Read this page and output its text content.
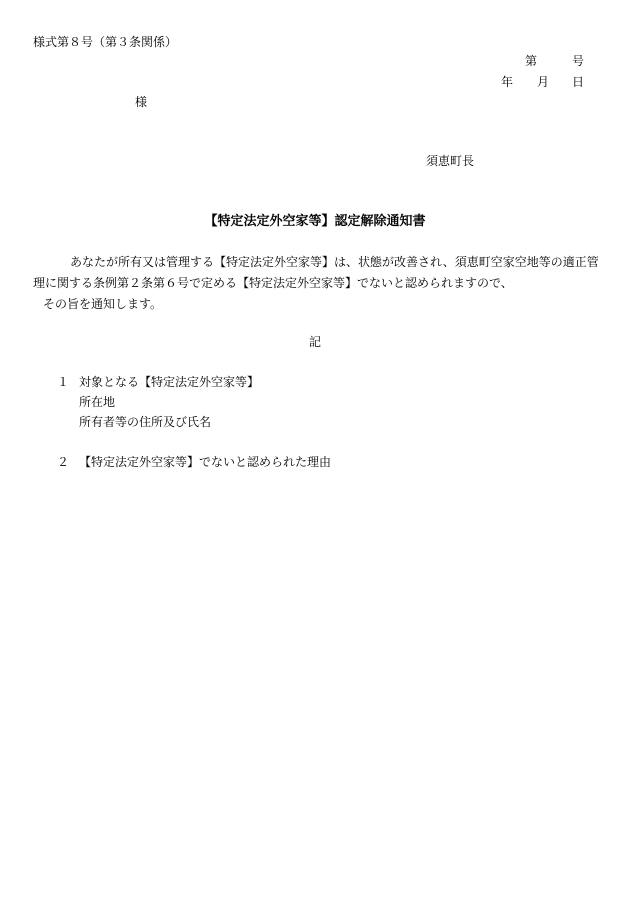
様式第８号（第３条関係）
第	号
年 月 日
様
須恵町長
【特定法定外空家等】認定解除通知書
あなたが所有又は管理する【特定法定外空家等】は、状態が改善され、須恵町空家空地等の適正管
理に関する条例第２条第６号で定める【特定法定外空家等】でないと認められますので、
その旨を通知します。
記
１ 対象となる【特定法定外空家等】
所在地
所有者等の住所及び氏名
２ 【特定法定外空家等】でないと認められた理由
